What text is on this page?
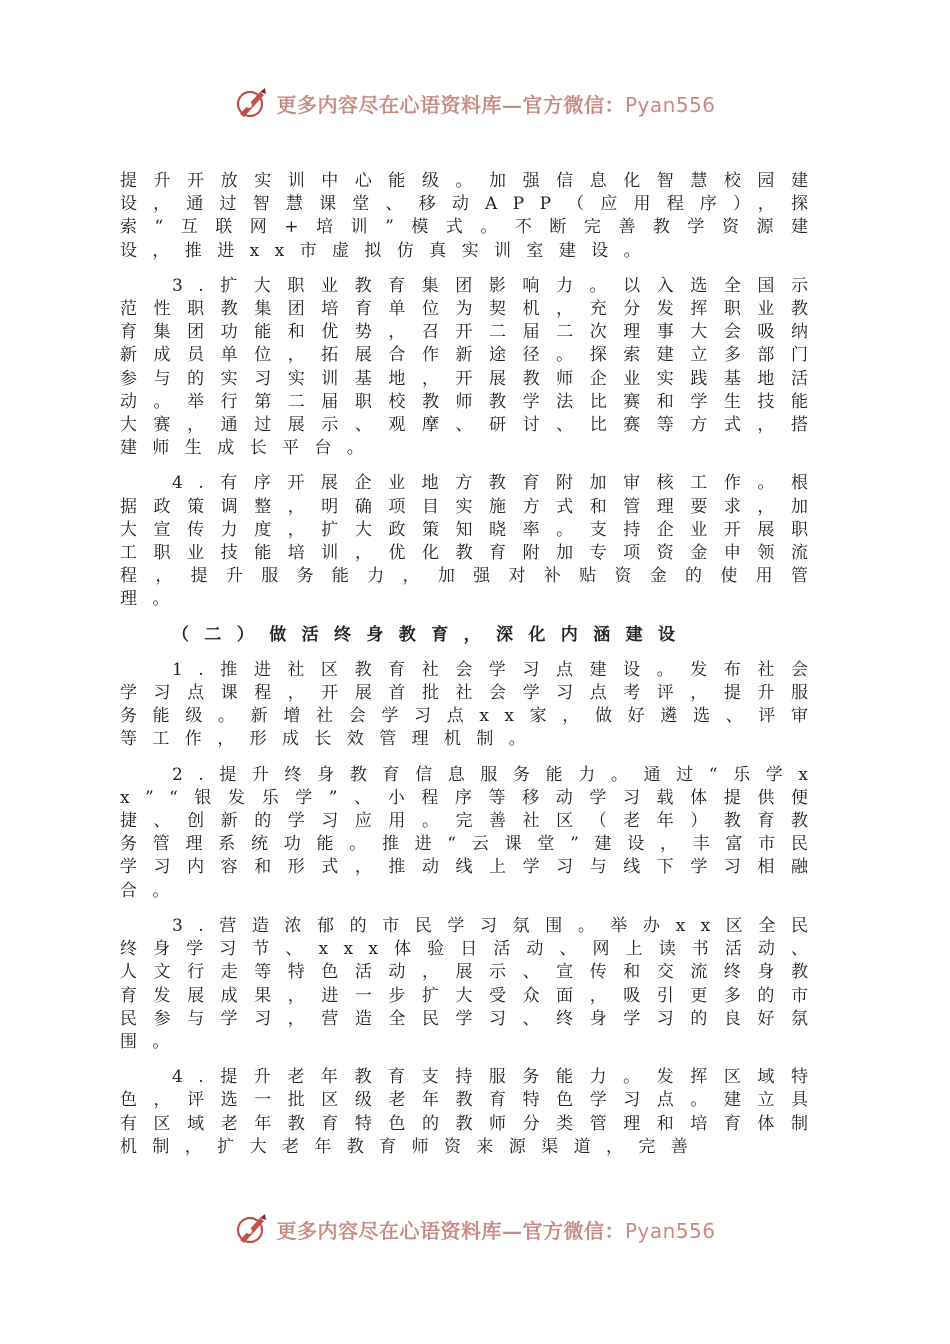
更多内容尽在心语资料库—官方微信：Pyan556

提升开放实训中心能级。加强信息化智慧校园建设，通过智慧课堂、移动APP（应用程序），探索“互联网+培训”模式。不断完善教学资源建设，推进xx市虚拟仿真实训室建设。

3.扩大职业教育集团影响力。以入选全国示范性职教集团培育单位为契机，充分发挥职业教育集团功能和优势，召开二届二次理事大会吸纳新成员单位，拓展合作新途径。探索建立多部门参与的实习实训基地，开展教师企业实践基地活动。举行第二届职校教师教学法比赛和学生技能大赛，通过展示、观摩、研讨、比赛等方式，搭建师生成长平台。

4.有序开展企业地方教育附加审核工作。根据政策调整，明确项目实施方式和管理要求，加大宣传力度，扩大政策知晓率。支持企业开展职工职业技能培训，优化教育附加专项资金申领流程，提升服务能力，加强对补贴资金的使用管理。

（二）做活终身教育，深化内涵建设

1.推进社区教育社会学习点建设。发布社会学习点课程，开展首批社会学习点考评，提升服务能级。新增社会学习点xx家，做好遴选、评审等工作，形成长效管理机制。

2.提升终身教育信息服务能力。通过“乐学xx”“银发乐学”、小程序等移动学习载体提供便捷、创新的学习应用。完善社区（老年）教育教务管理系统功能。推进“云课堂”建设，丰富市民学习内容和形式，推动线上学习与线下学习相融合。

3.营造浓郁的市民学习氛围。举办xx区全民终身学习节、xxx体验日活动、网上读书活动、人文行走等特色活动，展示、宣传和交流终身教育发展成果，进一步扩大受众面，吸引更多的市民参与学习，营造全民学习、终身学习的良好氛围。

4.提升老年教育支持服务能力。发挥区域特色，评选一批区级老年教育特色学习点。建立具有区域老年教育特色的教师分类管理和培育体制机制，扩大老年教育师资来源渠道，完善

更多内容尽在心语资料库—官方微信：Pyan556
